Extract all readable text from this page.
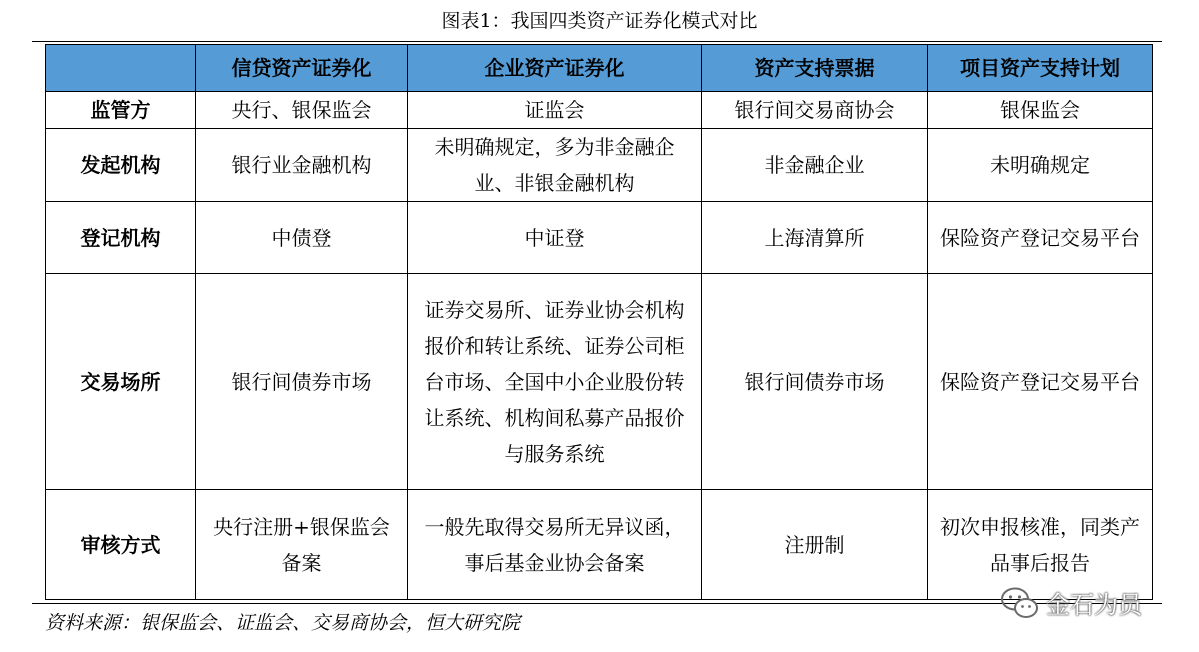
图表1：我国四类资产证券化模式对比
	信贷资产证券化	企业资产证券化	资产支持票据	项目资产支持计划
监管方	央行、银保监会	证监会	银行间交易商协会	银保监会
发起机构	银行业金融机构	未明确规定，多为非金融企业、非银金融机构	非金融企业	未明确规定
登记机构	中债登	中证登	上海清算所	保险资产登记交易平台
交易场所	银行间债券市场	证券交易所、证券业协会机构报价和转让系统、证券公司柜台市场、全国中小企业股份转让系统、机构间私募产品报价与服务系统	银行间债券市场	保险资产登记交易平台
审核方式	央行注册+银保监会备案	一般先取得交易所无异议函，事后基金业协会备案	注册制	初次申报核准，同类产品事后报告
资料来源：银保监会、证监会、交易商协会，恒大研究院
金石为员
